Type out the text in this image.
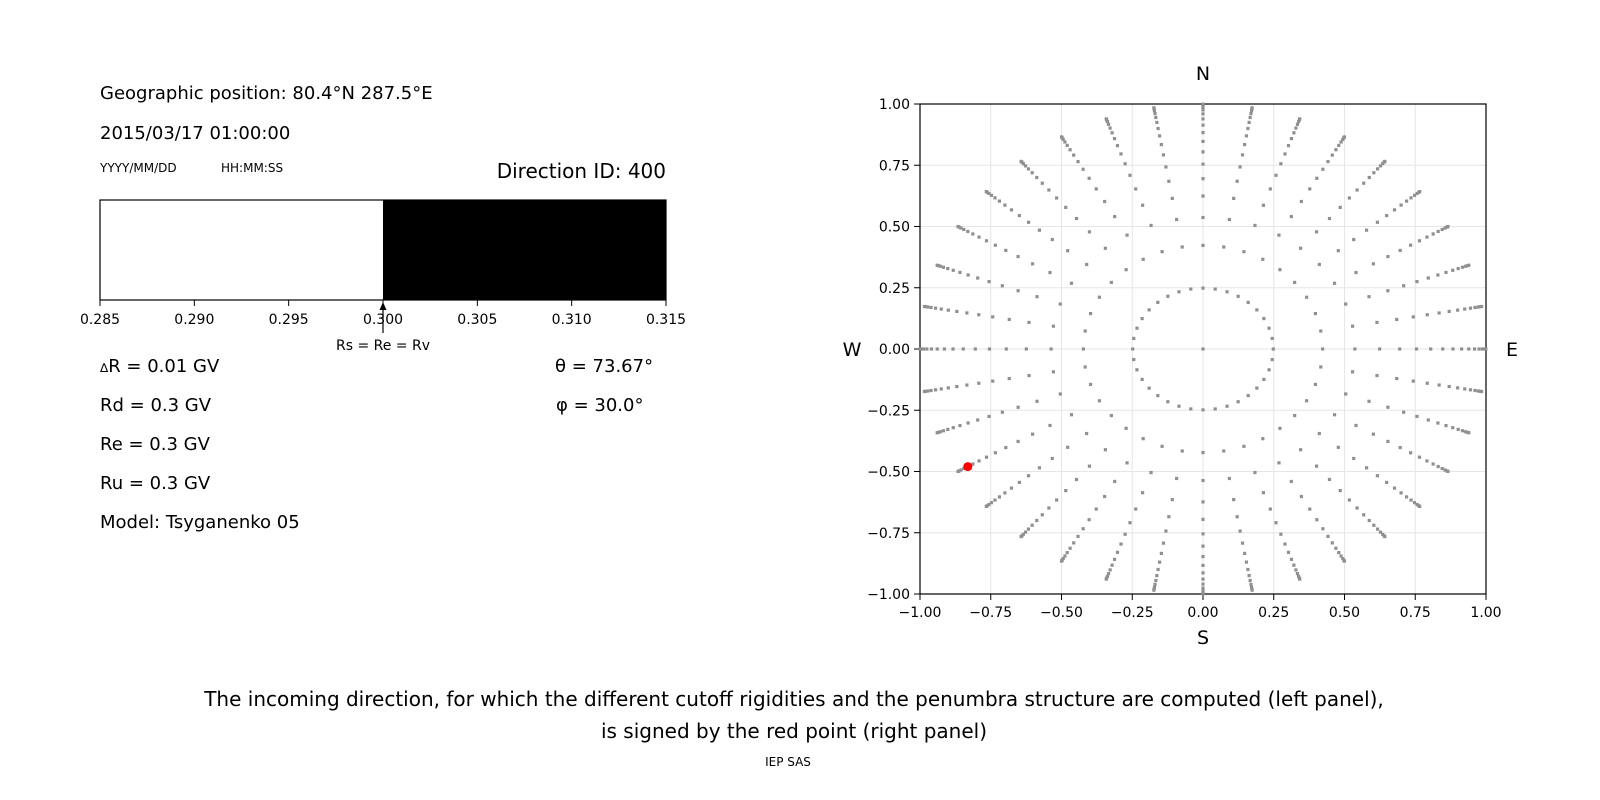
Geographic position: 80.4°N 287.5°E
2015/03/17 01:00:00
YYYY/MM/DD	HH:MM:SS	Direction ID: 400
0.285	0.290	0.295	0.300	0.305	0.310	0.315
Rs = Re = Rv
∆R = 0.01 GV
Rd = 0.3 GV
Re = 0.3 GV
Ru = 0.3 GV
Model: Tsyganenko 05
θ = 73.67°
φ = 30.0°
−1.00 −0.75 −0.50 −0.25 0.00	0.25	0.50	0.75	1.00
1.00
0.75
0.50
0.25
0.00
−0.25
−0.50
−0.75
−1.00
N
S
W	E
The incoming direction, for which the different cutoff rigidities and the penumbra structure are computed (left panel),
is signed by the red point (right panel)
IEP SAS
